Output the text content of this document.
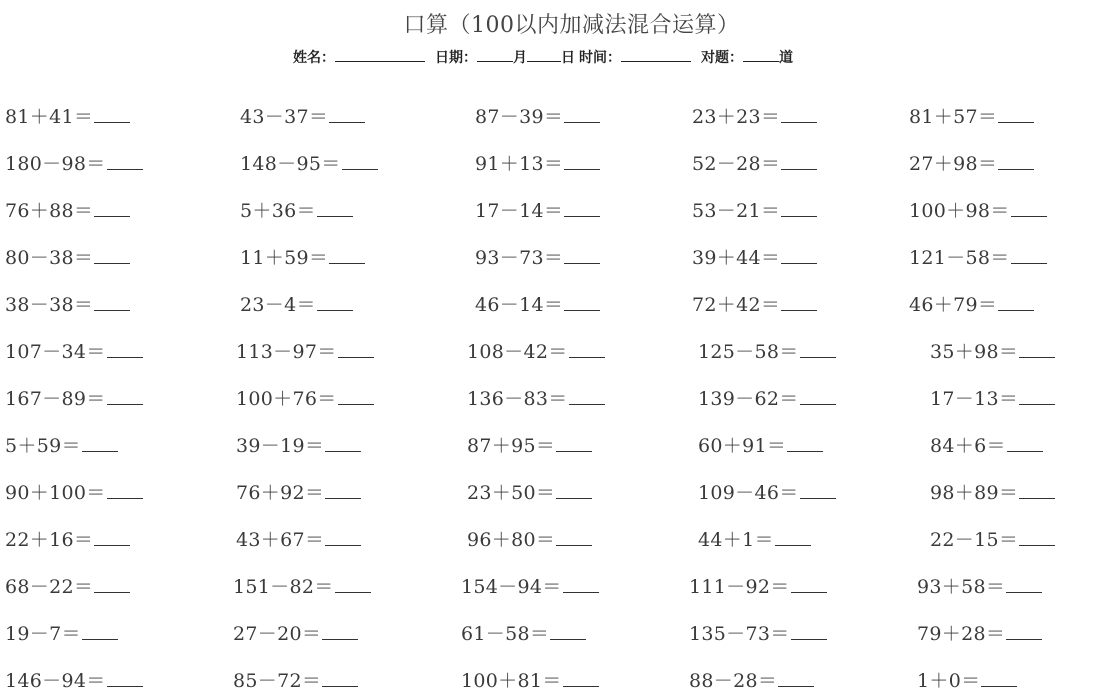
口算（100以内加减法混合运算）
姓名：	日期：	月 日 时间：	对题：	道
81＋41＝	43－37＝	87－39＝	23＋23＝	81＋57＝
180－98＝	148－95＝	91＋13＝	52－28＝	27＋98＝
76＋88＝	5＋36＝	17－14＝	53－21＝	100＋98＝
80－38＝	11＋59＝	93－73＝	39＋44＝	121－58＝
38－38＝	23－4＝	46－14＝	72＋42＝	46＋79＝
107－34＝	113－97＝	108－42＝	125－58＝	35＋98＝
167－89＝	100＋76＝	136－83＝	139－62＝	17－13＝
5＋59＝	39－19＝	87＋95＝	60＋91＝	84＋6＝
90＋100＝	76＋92＝	23＋50＝	109－46＝	98＋89＝
22＋16＝	43＋67＝	96＋80＝	44＋1＝	22－15＝
68－22＝	151－82＝	154－94＝	111－92＝	93＋58＝
19－7＝	27－20＝	61－58＝	135－73＝	79＋28＝
146－94＝	85－72＝	100＋81＝	88－28＝	1＋0＝
